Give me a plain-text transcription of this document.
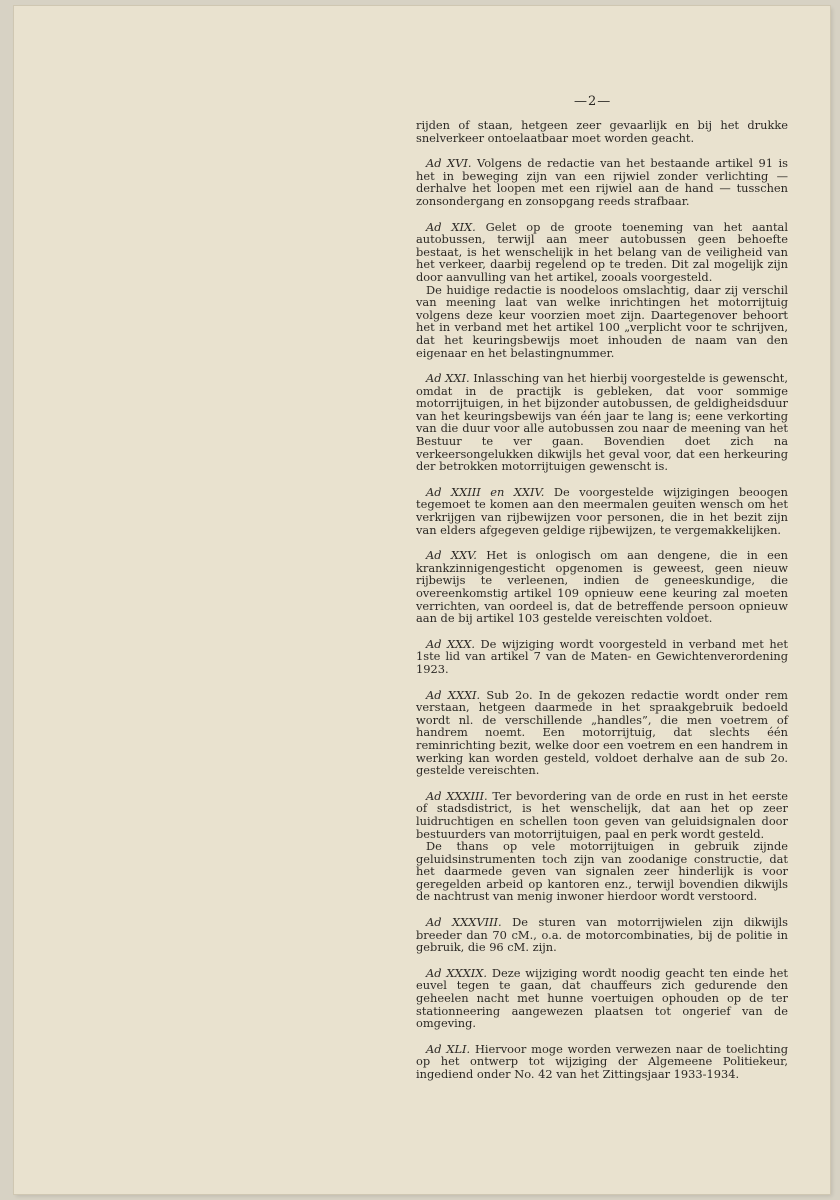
—2—

rijden of staan, hetgeen zeer gevaarlijk en bij het drukke snelverkeer ontoelaatbaar moet worden geacht.

Ad XVI. Volgens de redactie van het bestaande artikel 91 is het in beweging zijn van een rijwiel zonder verlichting — derhalve het loopen met een rijwiel aan de hand — tusschen zonsondergang en zonsopgang reeds strafbaar.

Ad XIX. Gelet op de groote toeneming van het aantal autobussen, terwijl aan meer autobussen geen behoefte bestaat, is het wenschelijk in het belang van de veiligheid van het verkeer, daarbij regelend op te treden. Dit zal mogelijk zijn door aanvulling van het artikel, zooals voorgesteld.

De huidige redactie is noodeloos omslachtig, daar zij verschil van meening laat van welke inrichtingen het motorrijtuig volgens deze keur voorzien moet zijn. Daartegenover behoort het in verband met het artikel 100 „verplicht voor te schrijven, dat het keuringsbewijs moet inhouden de naam van den eigenaar en het belastingnummer.

Ad XXI. Inlassching van het hierbij voorgestelde is gewenscht, omdat in de practijk is gebleken, dat voor sommige motorrijtuigen, in het bijzonder autobussen, de geldigheidsduur van het keuringsbewijs van één jaar te lang is; eene verkorting van die duur voor alle autobussen zou naar de meening van het Bestuur te ver gaan. Bovendien doet zich na verkeersongelukken dikwijls het geval voor, dat een herkeuring der betrokken motorrijtuigen gewenscht is.

Ad XXIII en XXIV. De voorgestelde wijzigingen beoogen tegemoet te komen aan den meermalen geuiten wensch om het verkrijgen van rijbewijzen voor personen, die in het bezit zijn van elders afgegeven geldige rijbewijzen, te vergemakkelijken.

Ad XXV. Het is onlogisch om aan dengene, die in een krankzinnigengesticht opgenomen is geweest, geen nieuw rijbewijs te verleenen, indien de geneeskundige, die overeenkomstig artikel 109 opnieuw eene keuring zal moeten verrichten, van oordeel is, dat de betreffende persoon opnieuw aan de bij artikel 103 gestelde vereischten voldoet.

Ad XXX. De wijziging wordt voorgesteld in verband met het 1ste lid van artikel 7 van de Maten- en Gewichtenverordening 1923.

Ad XXXI. Sub 2o. In de gekozen redactie wordt onder rem verstaan, hetgeen daarmede in het spraakgebruik bedoeld wordt nl. de verschillende „handles”, die men voetrem of handrem noemt. Een motorrijtuig, dat slechts één reminrichting bezit, welke door een voetrem en een handrem in werking kan worden gesteld, voldoet derhalve aan de sub 2o. gestelde vereischten.

Ad XXXIII. Ter bevordering van de orde en rust in het eerste of stadsdistrict, is het wenschelijk, dat aan het op zeer luidruchtigen en schellen toon geven van geluidsignalen door bestuurders van motorrijtuigen, paal en perk wordt gesteld.

De thans op vele motorrijtuigen in gebruik zijnde geluidsinstrumenten toch zijn van zoodanige constructie, dat het daarmede geven van signalen zeer hinderlijk is voor geregelden arbeid op kantoren enz., terwijl bovendien dikwijls de nachtrust van menig inwoner hierdoor wordt verstoord.

Ad XXXVIII. De sturen van motorrijwielen zijn dikwijls breeder dan 70 cM., o.a. de motorcombinaties, bij de politie in gebruik, die 96 cM. zijn.

Ad XXXIX. Deze wijziging wordt noodig geacht ten einde het euvel tegen te gaan, dat chauffeurs zich gedurende den geheelen nacht met hunne voertuigen ophouden op de ter stationneering aangewezen plaatsen tot ongerief van de omgeving.

Ad XLI. Hiervoor moge worden verwezen naar de toelichting op het ontwerp tot wijziging der Algemeene Politiekeur, ingediend onder No. 42 van het Zittingsjaar 1933-1934.
